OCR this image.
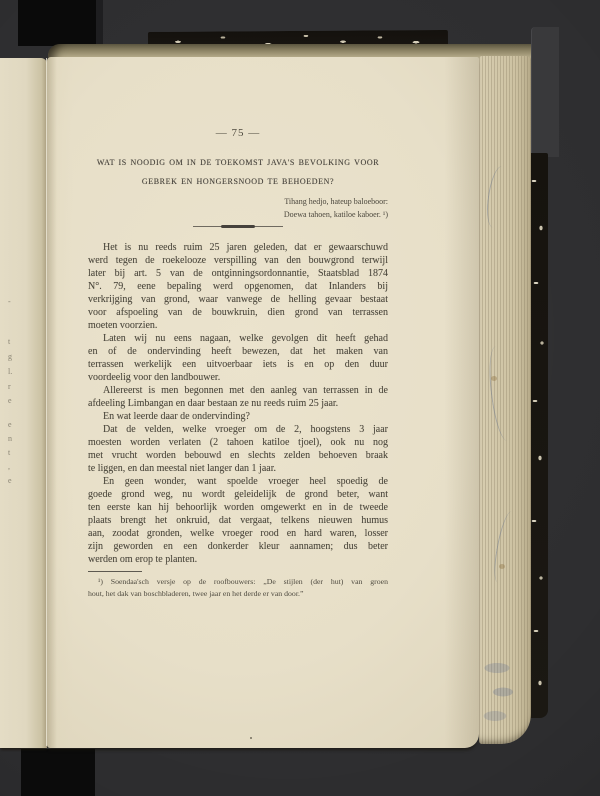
-
t
g
l.
r
e
e
n
t
,
e
— 75 —
WAT IS NOODIG OM IN DE TOEKOMST JAVA'S BEVOLKING VOOR
GEBREK EN HONGERSNOOD TE BEHOEDEN?
Tihang hedjo, hateup baloeboor:
Doewa tahoen, katiloe kaboer. ¹)
Het is nu reeds ruim 25 jaren geleden, dat er gewaarschuwd
werd tegen de roekelooze verspilling van den bouwgrond terwijl
later bij art. 5 van de ontginningsordonnantie, Staatsblad 1874
N°. 79, eene bepaling werd opgenomen, dat Inlanders bij
verkrijging van grond, waar vanwege de helling gevaar bestaat
voor afspoeling van de bouwkruin, dien grond van terrassen
moeten voorzien.
Laten wij nu eens nagaan, welke gevolgen dit heeft gehad
en of de ondervinding heeft bewezen, dat het maken van
terrassen werkelijk een uitvoerbaar iets is en op den duur
voordeelig voor den landbouwer.
Allereerst is men begonnen met den aanleg van terrassen in de
afdeeling Limbangan en daar bestaan ze nu reeds ruim 25 jaar.
En wat leerde daar de ondervinding?
Dat de velden, welke vroeger om de 2, hoogstens 3 jaar
moesten worden verlaten (2 tahoen katiloe tjoel), ook nu nog
met vrucht worden bebouwd en slechts zelden behoeven braak
te liggen, en dan meestal niet langer dan 1 jaar.
En geen wonder, want spoelde vroeger heel spoedig de
goede grond weg, nu wordt geleidelijk de grond beter, want
ten eerste kan hij behoorlijk worden omgewerkt en in de tweede
plaats brengt het onkruid, dat vergaat, telkens nieuwen humus
aan, zoodat gronden, welke vroeger rood en hard waren, losser
zijn geworden en een donkerder kleur aannamen; dus beter
werden om erop te planten.
¹) Soendaa'sch versje op de roofbouwers: „De stijlen (der hut) van groen
hout, het dak van boschbladeren, twee jaar en het derde er van door.”
